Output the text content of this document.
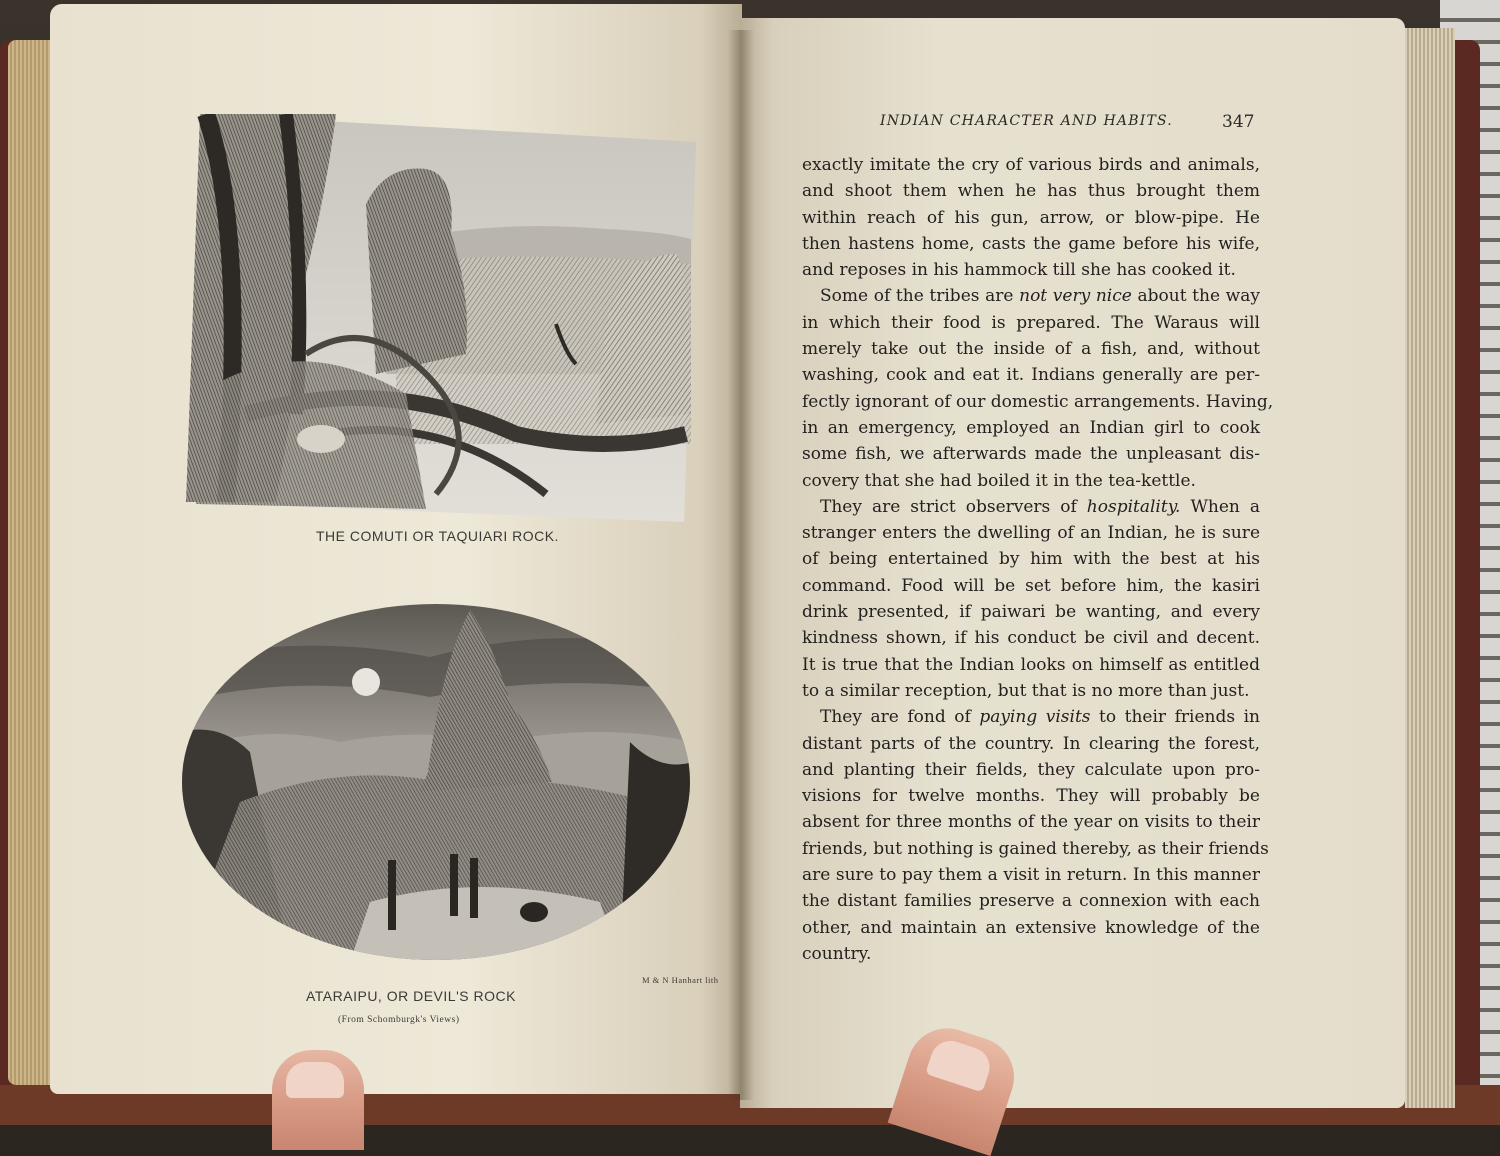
THE COMUTI OR TAQUIARI ROCK.
M & N Hanhart lith
ATARAIPU, OR DEVIL'S ROCK
(From Schomburgk's Views)
INDIAN CHARACTER AND HABITS.	347
exactly imitate the cry of various birds and animals,
and shoot them when he has thus brought them
within reach of his gun, arrow, or blow-pipe. He
then hastens home, casts the game before his wife,
and reposes in his hammock till she has cooked it.
Some of the tribes are not very nice about the way
in which their food is prepared. The Waraus will
merely take out the inside of a fish, and, without
washing, cook and eat it. Indians generally are per-
fectly ignorant of our domestic arrangements. Having,
in an emergency, employed an Indian girl to cook
some fish, we afterwards made the unpleasant dis-
covery that she had boiled it in the tea-kettle.
They are strict observers of hospitality. When a
stranger enters the dwelling of an Indian, he is sure
of being entertained by him with the best at his
command. Food will be set before him, the kasiri
drink presented, if paiwari be wanting, and every
kindness shown, if his conduct be civil and decent.
It is true that the Indian looks on himself as entitled
to a similar reception, but that is no more than just.
They are fond of paying visits to their friends in
distant parts of the country. In clearing the forest,
and planting their fields, they calculate upon pro-
visions for twelve months. They will probably be
absent for three months of the year on visits to their
friends, but nothing is gained thereby, as their friends
are sure to pay them a visit in return. In this manner
the distant families preserve a connexion with each
other, and maintain an extensive knowledge of the
country.
